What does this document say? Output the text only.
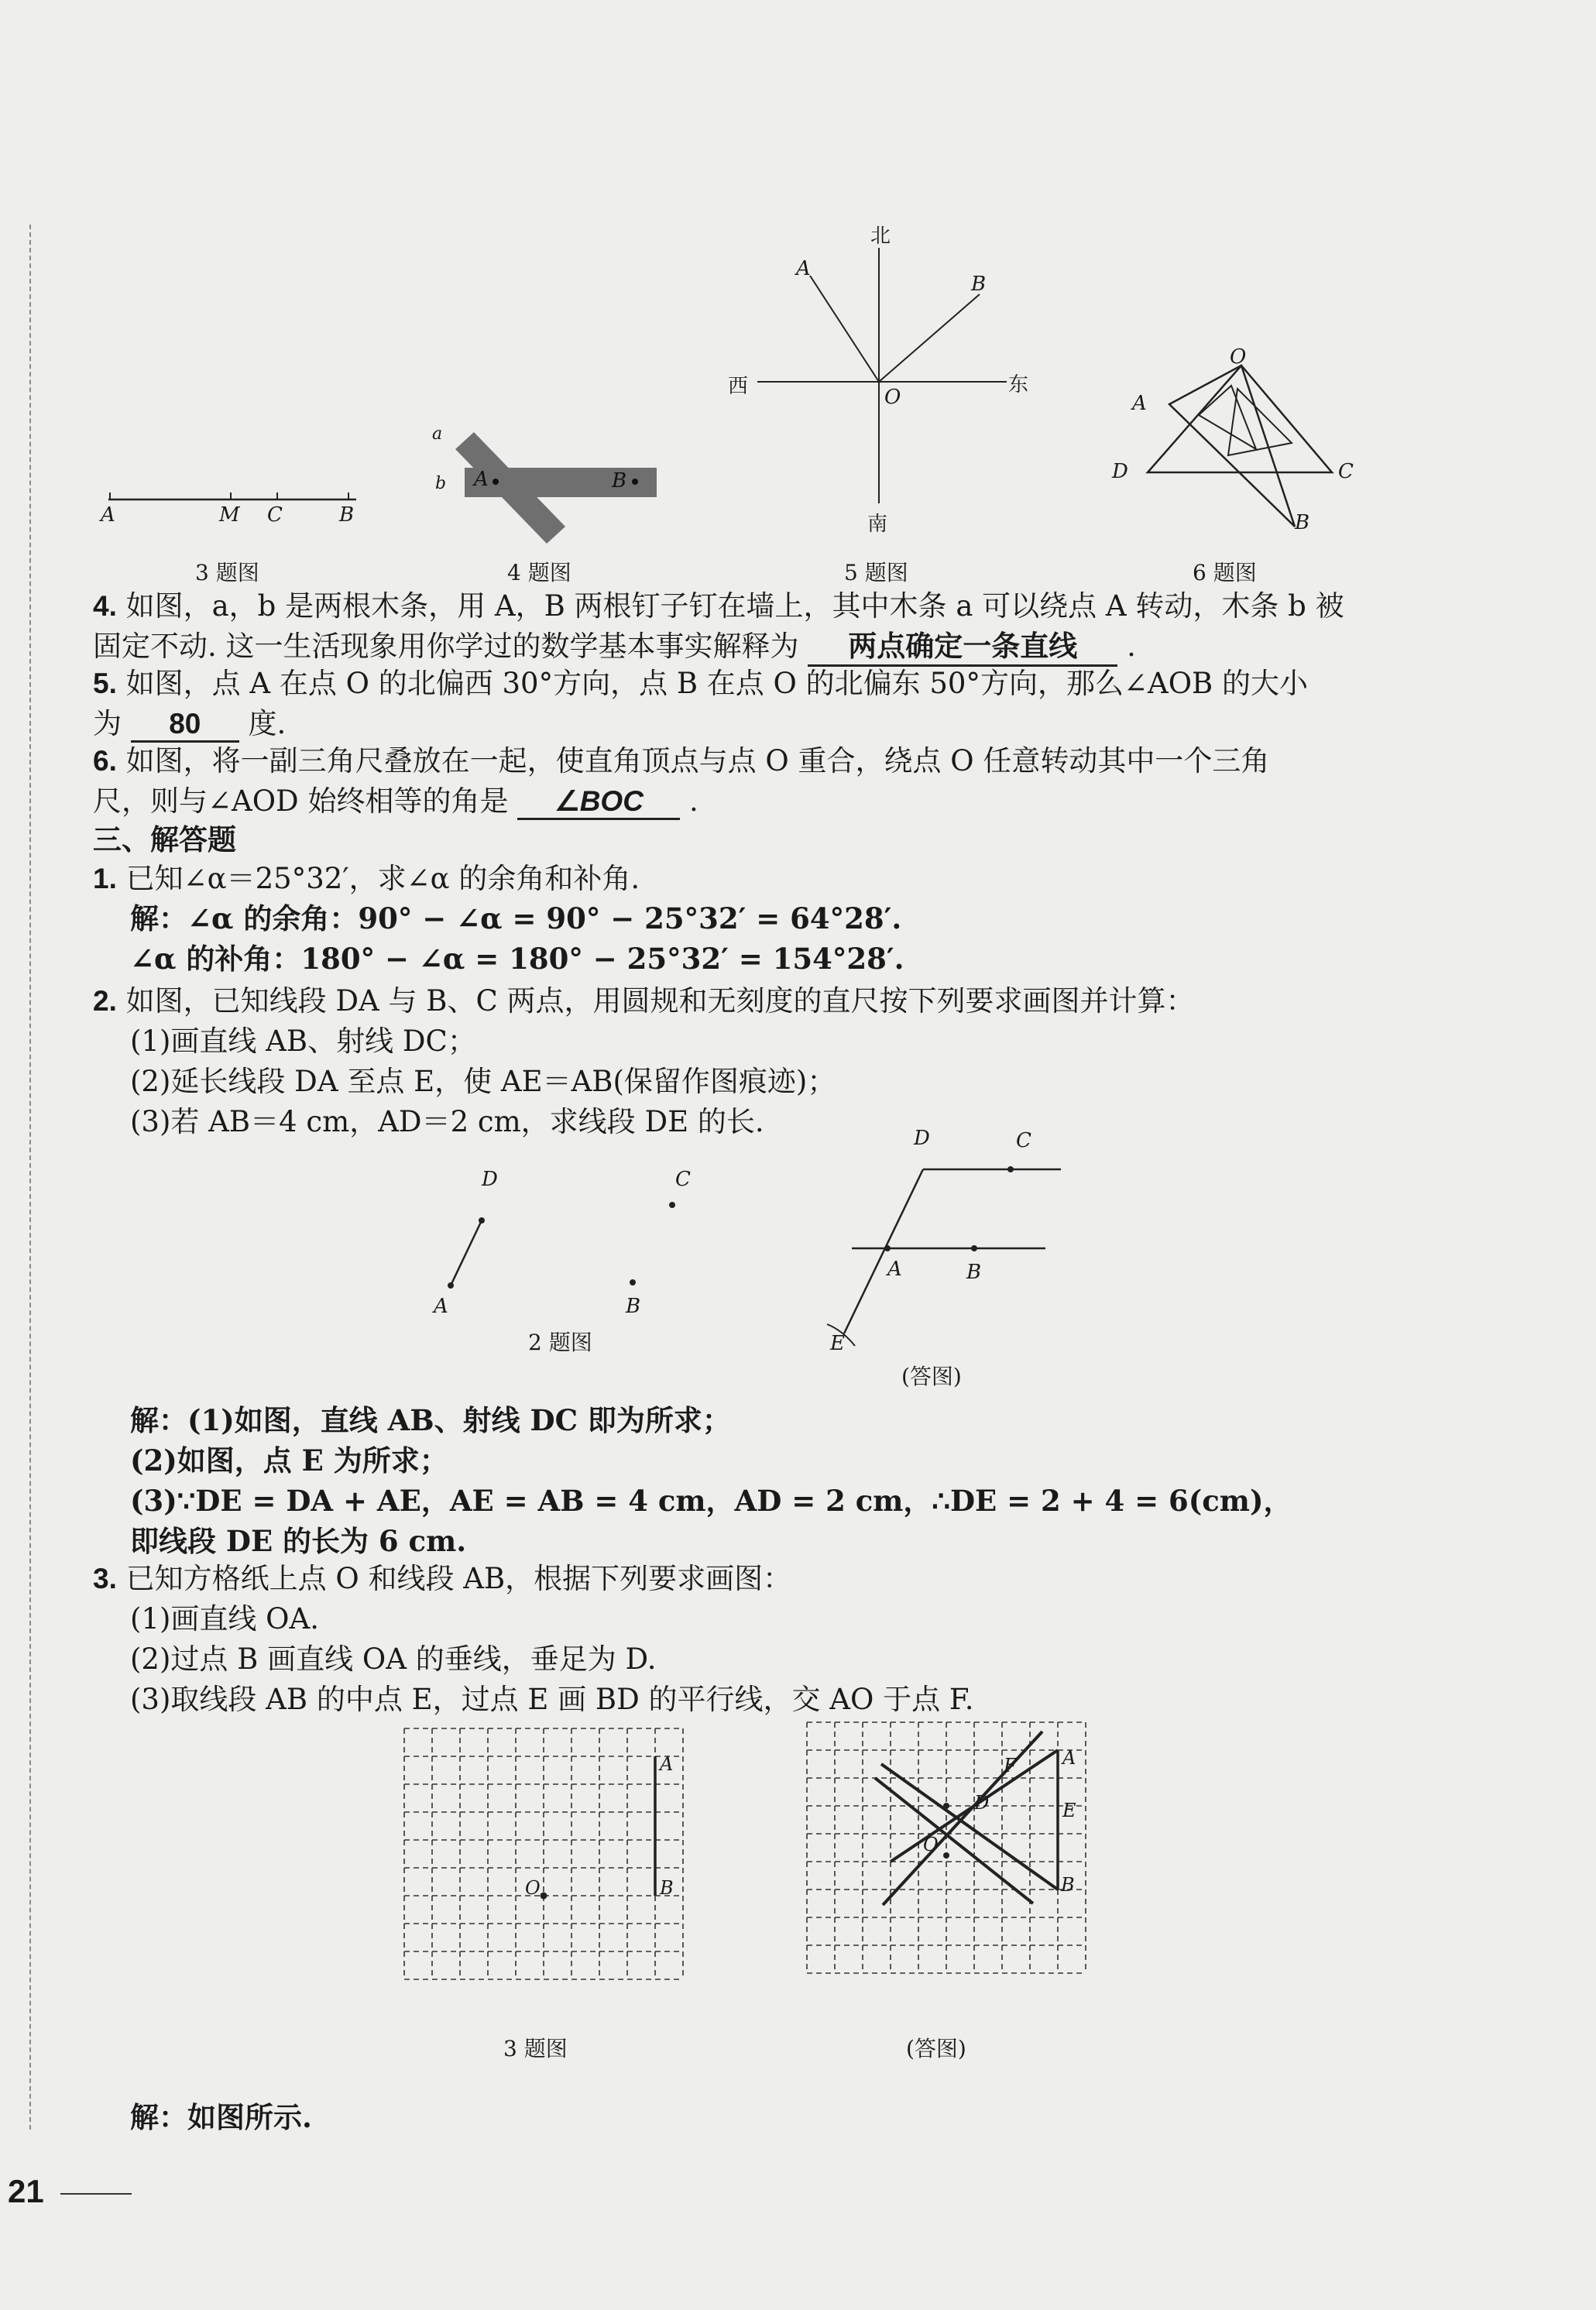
A	M C	B
3 题图
a
b A	B
4 题图
北
南
西	东
O
A
B
5 题图
O
A
D	C
B
6 题图
4. 如图，a，b 是两根木条，用 A，B 两根钉子钉在墙上，其中木条 a 可以绕点 A 转动，木条 b 被
固定不动. 这一生活现象用你学过的数学基本事实解释为 两点确定一条直线 .
5. 如图，点 A 在点 O 的北偏西 30°方向，点 B 在点 O 的北偏东 50°方向，那么∠AOB 的大小
为 80 度.
6. 如图，将一副三角尺叠放在一起，使直角顶点与点 O 重合，绕点 O 任意转动其中一个三角
尺，则与∠AOD 始终相等的角是 ∠BOC .
三、解答题
1. 已知∠α＝25°32′，求∠α 的余角和补角.
解：∠α 的余角：90° − ∠α = 90° − 25°32′ = 64°28′.
∠α 的补角：180° − ∠α = 180° − 25°32′ = 154°28′.
2. 如图，已知线段 DA 与 B、C 两点，用圆规和无刻度的直尺按下列要求画图并计算：
(1)画直线 AB、射线 DC；
(2)延长线段 DA 至点 E，使 AE＝AB(保留作图痕迹)；
(3)若 AB＝4 cm，AD＝2 cm，求线段 DE 的长.
D	C
A	B
2 题图
D	C
A	B
E
(答图)
解：(1)如图，直线 AB、射线 DC 即为所求；
(2)如图，点 E 为所求；
(3)∵DE = DA + AE，AE = AB = 4 cm，AD = 2 cm，∴DE = 2 + 4 = 6(cm)，
即线段 DE 的长为 6 cm.
3. 已知方格纸上点 O 和线段 AB，根据下列要求画图：
(1)画直线 OA.
(2)过点 B 画直线 OA 的垂线，垂足为 D.
(3)取线段 AB 的中点 E，过点 E 画 BD 的平行线，交 AO 于点 F.
A
B
O
3 题图
F A
D	E
O
B
(答图)
解：如图所示.
21
